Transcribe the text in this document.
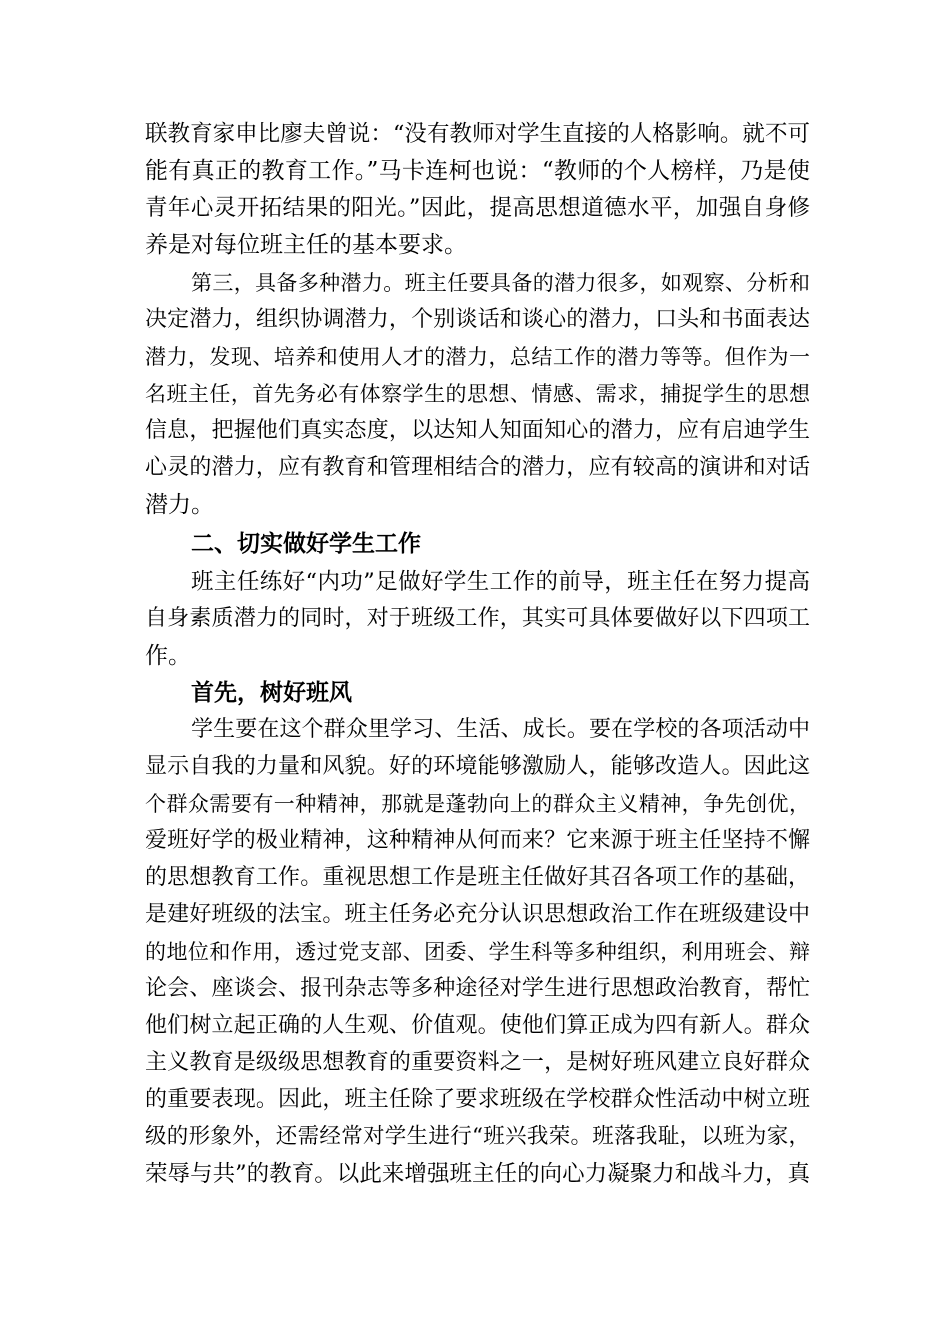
联教育家申比廖夫曾说：“没有教师对学生直接的人格影响。就不可
能有真正的教育工作。”马卡连柯也说：“教师的个人榜样，乃是使
青年心灵开拓结果的阳光。”因此，提高思想道德水平，加强自身修
养是对每位班主任的基本要求。
第三，具备多种潜力。班主任要具备的潜力很多，如观察、分析和
决定潜力，组织协调潜力，个别谈话和谈心的潜力，口头和书面表达
潜力，发现、培养和使用人才的潜力，总结工作的潜力等等。但作为一
名班主任，首先务必有体察学生的思想、情感、需求，捕捉学生的思想
信息，把握他们真实态度，以达知人知面知心的潜力，应有启迪学生
心灵的潜力，应有教育和管理相结合的潜力，应有较高的演讲和对话
潜力。
二、切实做好学生工作
班主任练好“内功”足做好学生工作的前导，班主任在努力提高
自身素质潜力的同时，对于班级工作，其实可具体要做好以下四项工
作。
首先，树好班风
学生要在这个群众里学习、生活、成长。要在学校的各项活动中
显示自我的力量和风貌。好的环境能够激励人，能够改造人。因此这
个群众需要有一种精神，那就是蓬勃向上的群众主义精神，争先创优，
爱班好学的极业精神，这种精神从何而来？它来源于班主任坚持不懈
的思想教育工作。重视思想工作是班主任做好其召各项工作的基础，
是建好班级的法宝。班主任务必充分认识思想政治工作在班级建设中
的地位和作用，透过党支部、团委、学生科等多种组织，利用班会、辩
论会、座谈会、报刊杂志等多种途径对学生进行思想政治教育，帮忙
他们树立起正确的人生观、价值观。使他们算正成为四有新人。群众
主义教育是级级思想教育的重要资料之一，是树好班风建立良好群众
的重要表现。因此，班主任除了要求班级在学校群众性活动中树立班
级的形象外，还需经常对学生进行“班兴我荣。班落我耻，以班为家，
荣辱与共”的教育。以此来增强班主任的向心力凝聚力和战斗力，真
